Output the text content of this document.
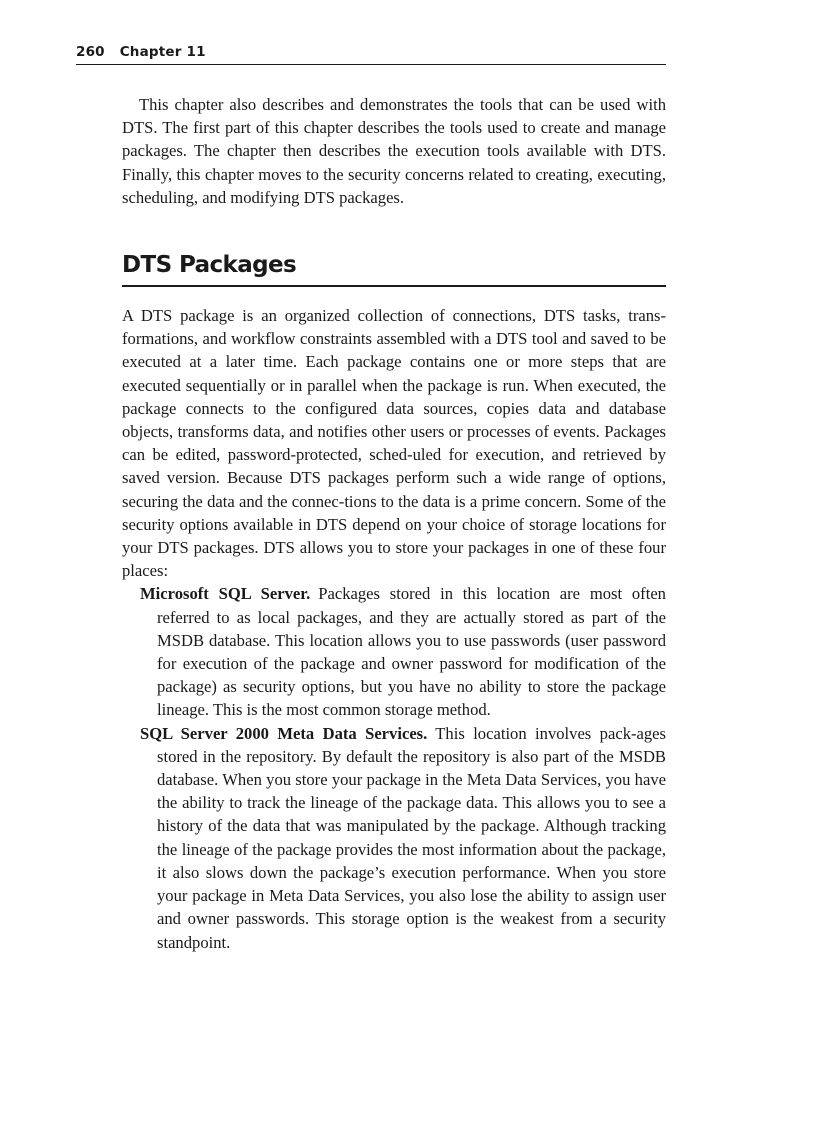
260 Chapter 11

This chapter also describes and demonstrates the tools that can be used with DTS. The first part of this chapter describes the tools used to create and manage packages. The chapter then describes the execution tools available with DTS. Finally, this chapter moves to the security concerns related to creating, executing, scheduling, and modifying DTS packages.

DTS Packages

A DTS package is an organized collection of connections, DTS tasks, trans-formations, and workflow constraints assembled with a DTS tool and saved to be executed at a later time. Each package contains one or more steps that are executed sequentially or in parallel when the package is run. When executed, the package connects to the configured data sources, copies data and database objects, transforms data, and notifies other users or processes of events. Packages can be edited, password-protected, sched-uled for execution, and retrieved by saved version. Because DTS packages perform such a wide range of options, securing the data and the connec-tions to the data is a prime concern. Some of the security options available in DTS depend on your choice of storage locations for your DTS packages. DTS allows you to store your packages in one of these four places:

Microsoft SQL Server. Packages stored in this location are most often referred to as local packages, and they are actually stored as part of the MSDB database. This location allows you to use passwords (user password for execution of the package and owner password for modification of the package) as security options, but you have no ability to store the package lineage. This is the most common storage method.

SQL Server 2000 Meta Data Services. This location involves pack-ages stored in the repository. By default the repository is also part of the MSDB database. When you store your package in the Meta Data Services, you have the ability to track the lineage of the package data. This allows you to see a history of the data that was manipulated by the package. Although tracking the lineage of the package provides the most information about the package, it also slows down the package’s execution performance. When you store your package in Meta Data Services, you also lose the ability to assign user and owner passwords. This storage option is the weakest from a security standpoint.
